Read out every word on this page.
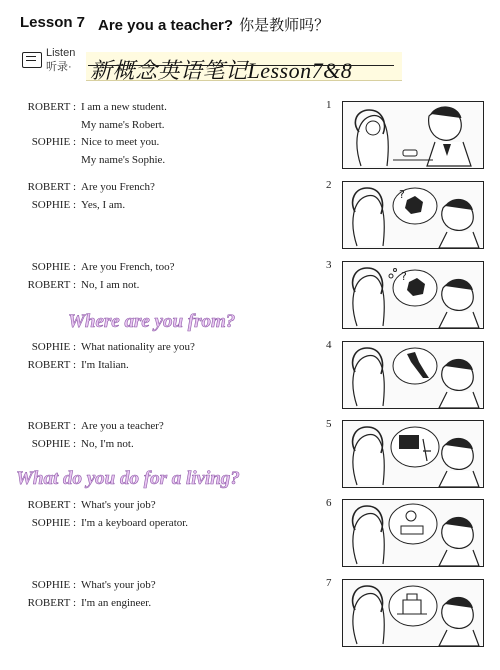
Lesson 7 Are you a teacher? 你是教师吗？
Listen
听录· 新概念英语笔记Lesson7&8
ROBERT : I am a new student.
My name's Robert.
SOPHIE : Nice to meet you.
My name's Sophie.
ROBERT : Are you French?
SOPHIE : Yes, I am.
SOPHIE : Are you French, too?
ROBERT : No, I am not.
SOPHIE : What nationality are you?
ROBERT : I'm Italian.
ROBERT : Are you a teacher?
SOPHIE : No, I'm not.
ROBERT : What's your job?
SOPHIE : I'm a keyboard operator.
SOPHIE : What's your job?
ROBERT : I'm an engineer.
Where are you from?
What do you do for a living?
1
2
3
4
5
6
7
?
?
